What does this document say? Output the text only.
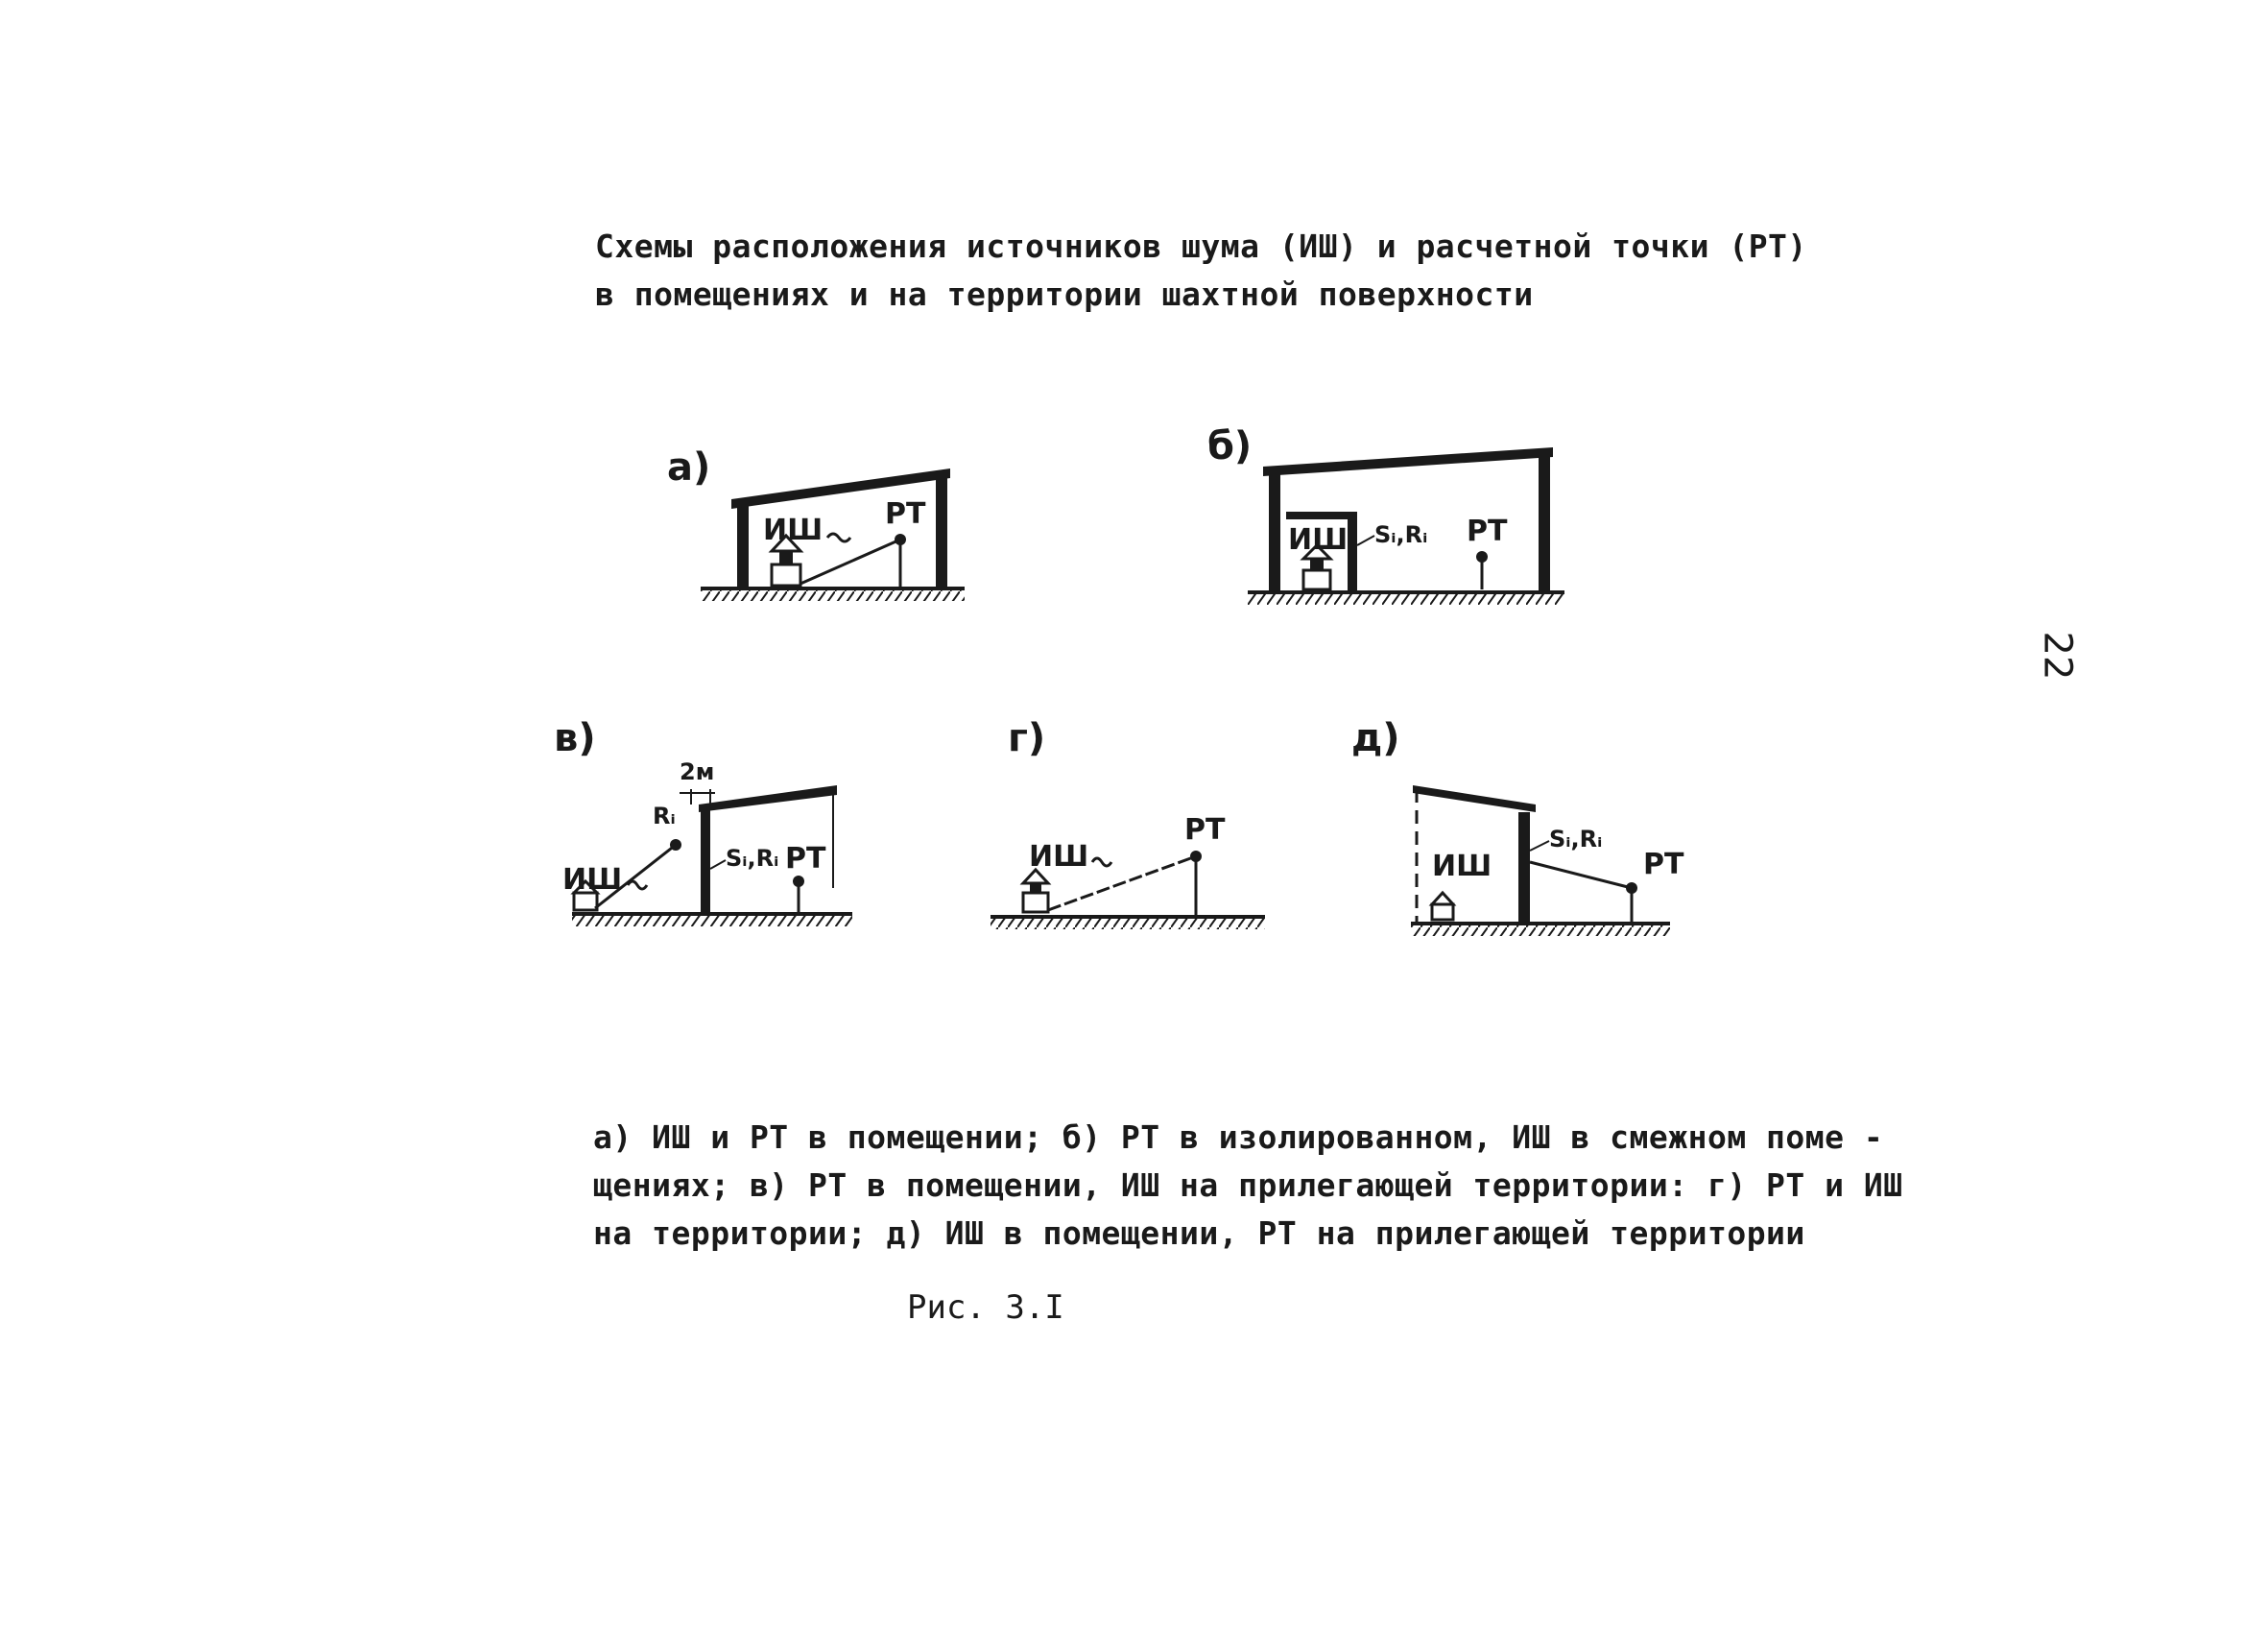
Схемы расположения источников шума (ИШ) и расчетной точки (РТ)
в помещениях и на территории шахтной поверхности
22
а)
ИШ РТ
б)
ИШ Sᵢ,Rᵢ РТ
в)
2м
ИШ
Rᵢ
Sᵢ,Rᵢ РТ
г)
ИШ
РТ
д)
ИШ
Sᵢ,Rᵢ
РТ
а) ИШ и РТ в помещении; б) РТ в изолированном, ИШ в смежном поме -
щениях; в) РТ в помещении, ИШ на прилегающей территории: г) РТ и ИШ
на территории; д) ИШ в помещении, РТ на прилегающей территории
Рис. 3.I
